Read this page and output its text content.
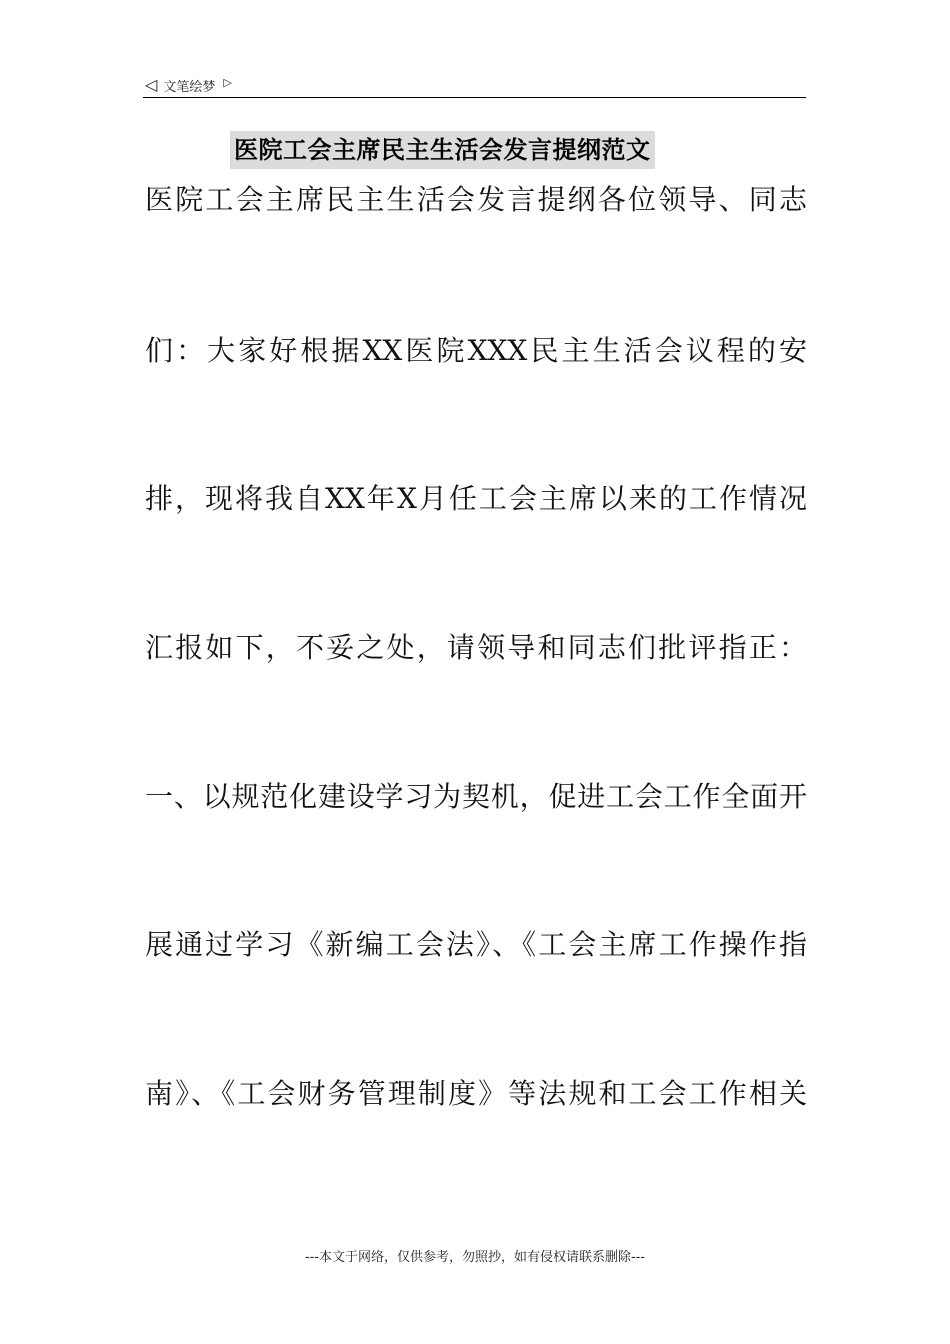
◁ 文笔绘梦 ▷
医院工会主席民主生活会发言提纲范文
医院工会主席民主生活会发言提纲各位领导、同志
们：大家好根据XX医院XXX民主生活会议程的安
排，现将我自XX年X月任工会主席以来的工作情况
汇报如下，不妥之处，请领导和同志们批评指正：
一、以规范化建设学习为契机，促进工会工作全面开
展通过学习《新编工会法》、《工会主席工作操作指
南》、《工会财务管理制度》等法规和工会工作相关
---本文于网络，仅供参考，勿照抄，如有侵权请联系删除---
